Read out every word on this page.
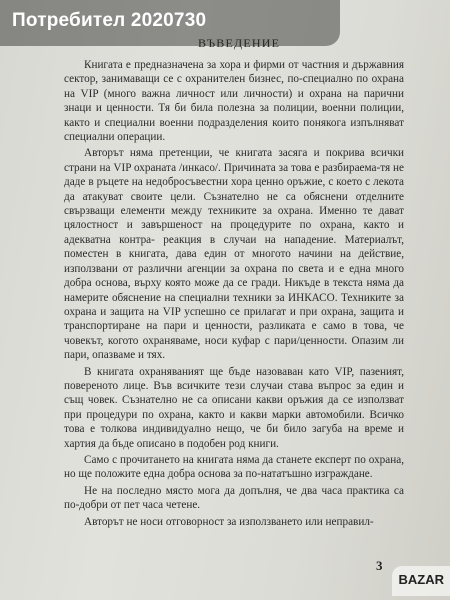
ВЪВЕДЕНИЕ

Книгата е предназначена за хора и фирми от частния и държавния сектор, занимаващи се с охранителен бизнес, по-специално по охрана на VIP (много важна личност или личности) и охрана на парични знаци и ценности. Тя би била полезна за полиции, военни полиции, както и специални военни подразделения които понякога изпълняват специални операции.

Авторът няма претенции, че книгата засяга и покрива всички страни на VIP охраната /инкасо/. Причината за това е разбираема-тя не даде в ръцете на недобросъвестни хора ценно оръжие, с което с лекота да атакуват своите цели. Съзнателно не са обяснени отделните свързващи елементи между техниките за охрана. Именно те дават цялостност и завършеност на процедурите по охрана, както и адекватна контра- реакция в случаи на нападение. Материалът, поместен в книгата, дава един от многото начини на действие, използвани от различни агенции за охрана по света и е една много добра основа, върху която може да се гради. Никъде в текста няма да намерите обяснение на специални техники за ИНКАСО. Техниките за охрана и защита на VIP успешно се прилагат и при охрана, защита и транспортиране на пари и ценности, разликата е само в това, че човекът, когото охраняваме, носи куфар с пари/ценности. Опазим ли пари, опазваме и тях.

В книгата охраняваният ще бъде назоваван като VIP, пазеният, повереното лице. Във всичките тези случаи става въпрос за един и същ човек. Съзнателно не са описани какви оръжия да се използват при процедури по охрана, както и какви марки автомобили. Всичко това е толкова индивидуално нещо, че би било загуба на време и хартия да бъде описано в подобен род книги.

Само с прочитането на книгата няма да станете експерт по охрана, но ще положите една добра основа за по-нататъшно изграждане.

Не на последно място мога да допълня, че два часа практика са по-добри от пет часа четене.

Авторът не носи отговорност за използването или неправил-

3
Потребител 2020730
BAZAR
